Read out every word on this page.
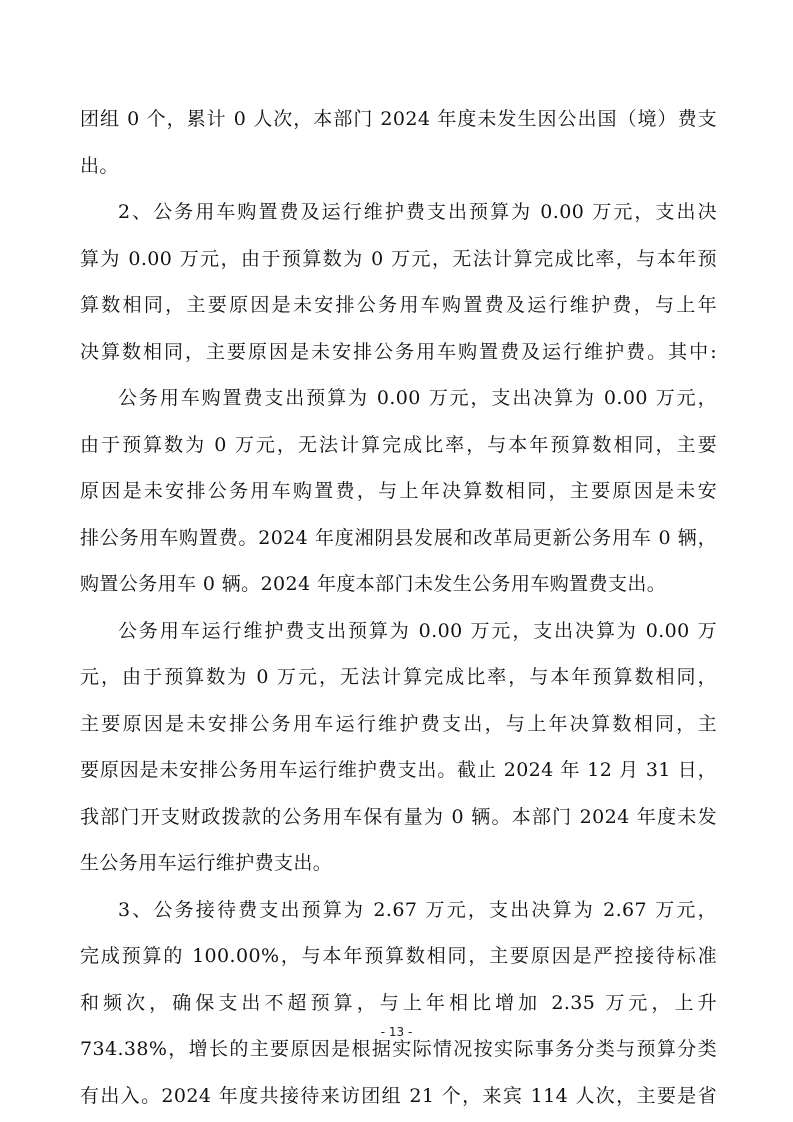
团组 0 个，累计 0 人次，本部门 2024 年度未发生因公出国（境）费支
出。
2、公务用车购置费及运行维护费支出预算为 0.00 万元，支出决
算为 0.00 万元，由于预算数为 0 万元，无法计算完成比率，与本年预
算数相同，主要原因是未安排公务用车购置费及运行维护费，与上年
决算数相同，主要原因是未安排公务用车购置费及运行维护费。其中:
公务用车购置费支出预算为 0.00 万元，支出决算为 0.00 万元，
由于预算数为 0 万元，无法计算完成比率，与本年预算数相同，主要
原因是未安排公务用车购置费，与上年决算数相同，主要原因是未安
排公务用车购置费。2024 年度湘阴县发展和改革局更新公务用车 0 辆，
购置公务用车 0 辆。2024 年度本部门未发生公务用车购置费支出。
公务用车运行维护费支出预算为 0.00 万元，支出决算为 0.00 万
元，由于预算数为 0 万元，无法计算完成比率，与本年预算数相同，
主要原因是未安排公务用车运行维护费支出，与上年决算数相同，主
要原因是未安排公务用车运行维护费支出。截止 2024 年 12 月 31 日，
我部门开支财政拨款的公务用车保有量为 0 辆。本部门 2024 年度未发
生公务用车运行维护费支出。
3、公务接待费支出预算为 2.67 万元，支出决算为 2.67 万元，
完成预算的 100.00%，与本年预算数相同，主要原因是严控接待标准
和频次，确保支出不超预算，与上年相比增加 2.35 万元，上升
734.38%，增长的主要原因是根据实际情况按实际事务分类与预算分类
有出入。2024 年度共接待来访团组 21 个，来宾 114 人次，主要是省
- 13 -
